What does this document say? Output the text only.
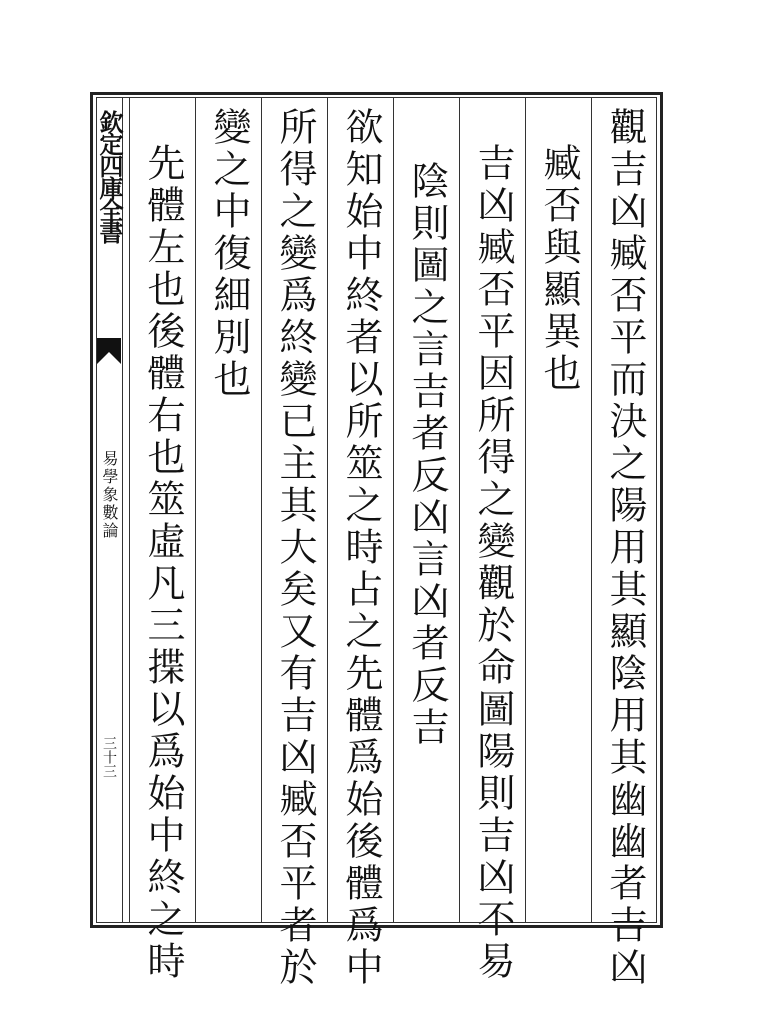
欽定四庫全書
易學象數論
三十三	觀吉凶臧否平而決之陽用其顯陰用其幽幽者吉凶
臧否與顯異也
吉凶臧否平因所得之變觀於命圖陽則吉凶不易
陰則圖之言吉者反凶言凶者反吉
欲知始中終者以所筮之時占之先體爲始後體爲中
所得之變爲終變已主其大矣又有吉凶臧否平者於
變之中復細別也
先體左也後體右也筮虛凡三揲以爲始中終之時
